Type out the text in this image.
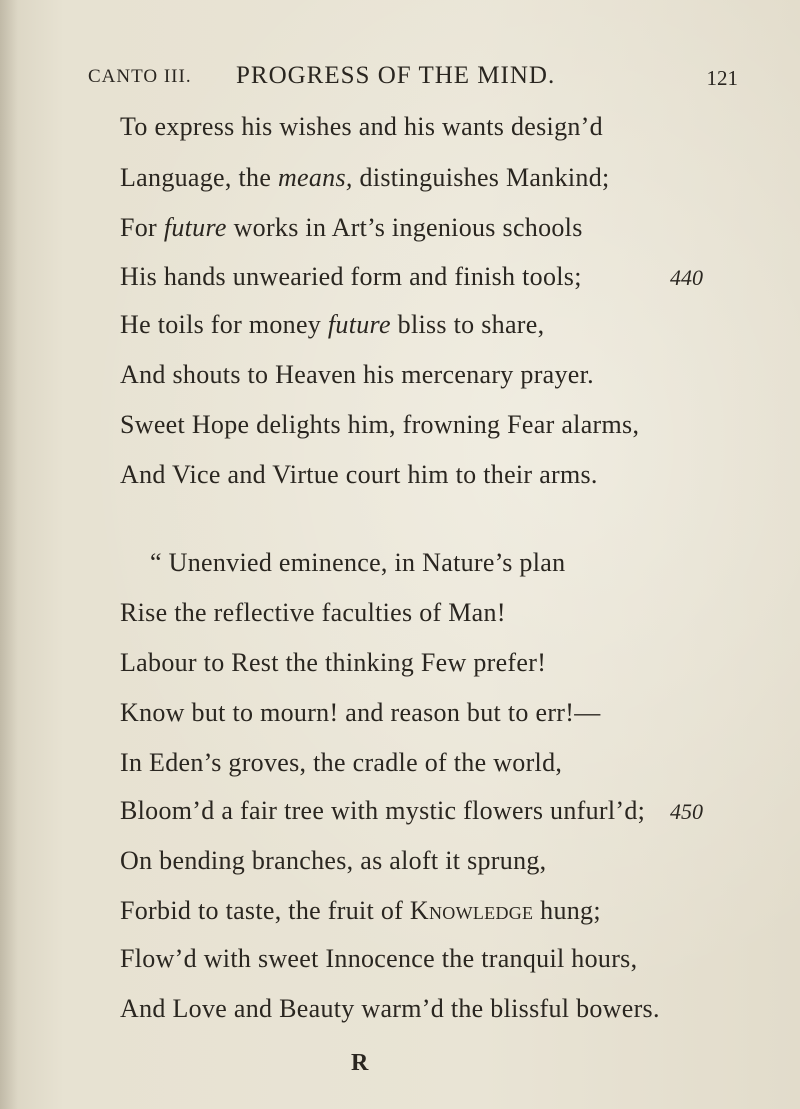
CANTO III. PROGRESS OF THE MIND.	121
To express his wishes and his wants design’d
Language, the means, distinguishes Mankind;
For future works in Art’s ingenious schools
His hands unwearied form and finish tools;	440
He toils for money future bliss to share,
And shouts to Heaven his mercenary prayer.
Sweet Hope delights him, frowning Fear alarms,
And Vice and Virtue court him to their arms.
“ Unenvied eminence, in Nature’s plan
Rise the reflective faculties of Man!
Labour to Rest the thinking Few prefer!
Know but to mourn! and reason but to err!—
In Eden’s groves, the cradle of the world,
Bloom’d a fair tree with mystic flowers unfurl’d; 450
On bending branches, as aloft it sprung,
Forbid to taste, the fruit of Knowledge hung;
Flow’d with sweet Innocence the tranquil hours,
And Love and Beauty warm’d the blissful bowers.
R
